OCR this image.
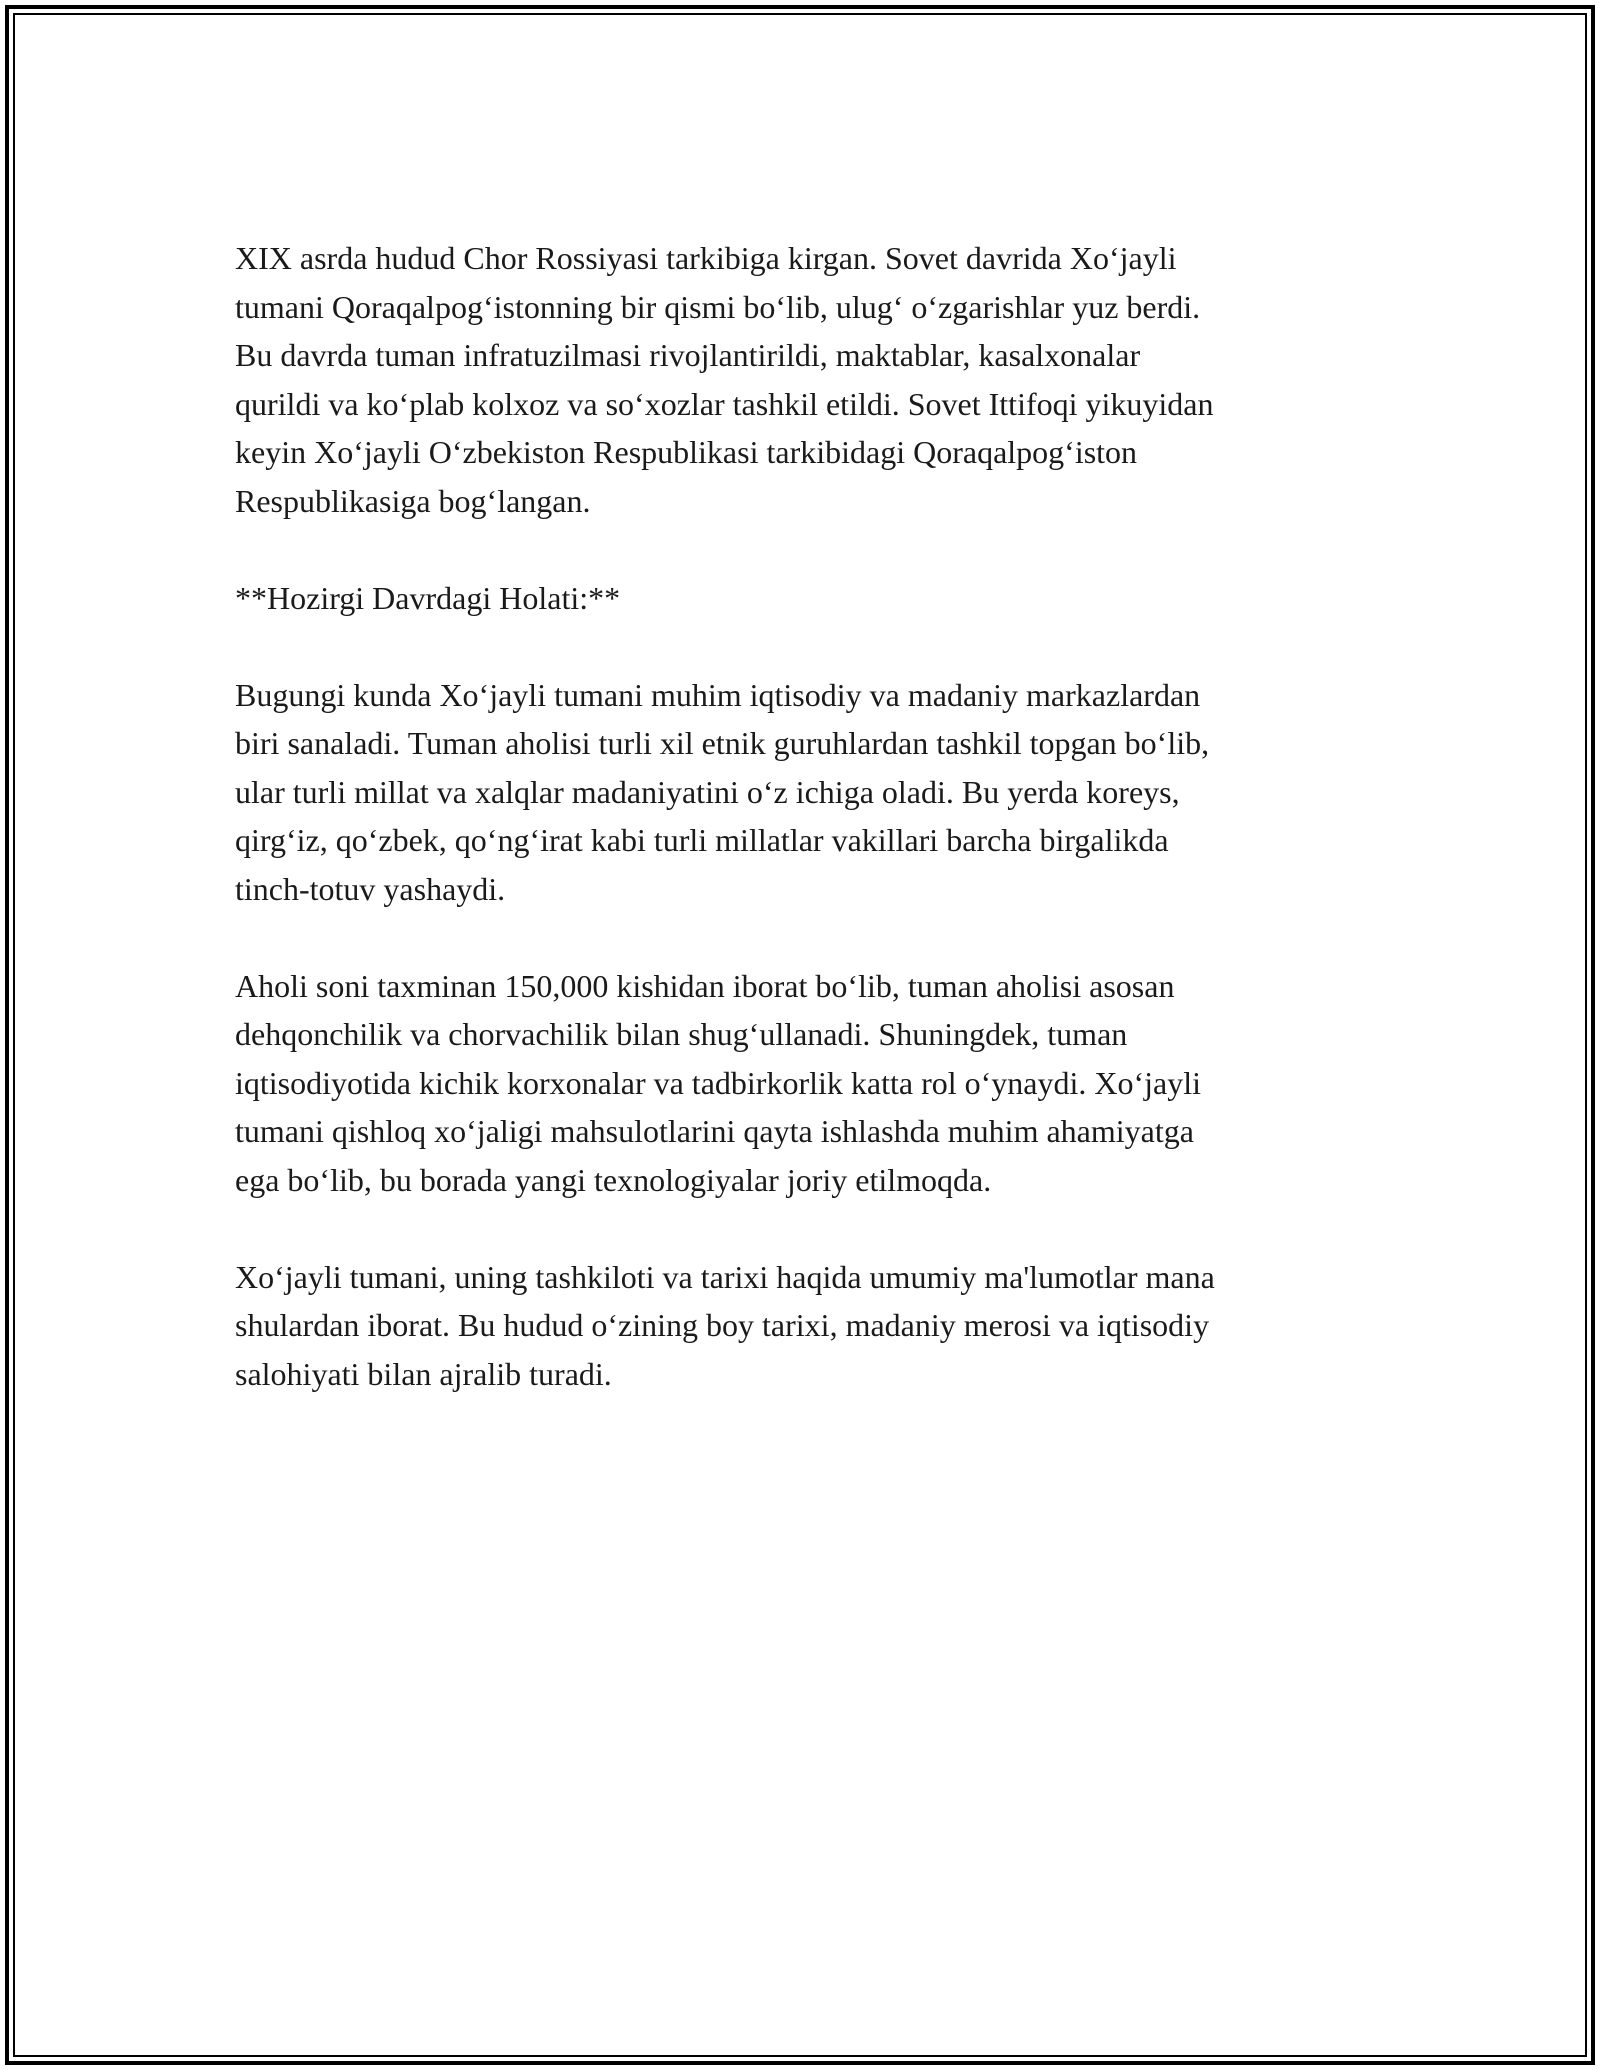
XIX asrda hudud Chor Rossiyasi tarkibiga kirgan. Sovet davrida Xo‘jayli
tumani Qoraqalpog‘istonning bir qismi bo‘lib, ulug‘ o‘zgarishlar yuz berdi.
Bu davrda tuman infratuzilmasi rivojlantirildi, maktablar, kasalxonalar
qurildi va ko‘plab kolxoz va so‘xozlar tashkil etildi. Sovet Ittifoqi yikuyidan
keyin Xo‘jayli O‘zbekiston Respublikasi tarkibidagi Qoraqalpog‘iston
Respublikasiga bog‘langan.

**Hozirgi Davrdagi Holati:**

Bugungi kunda Xo‘jayli tumani muhim iqtisodiy va madaniy markazlardan
biri sanaladi. Tuman aholisi turli xil etnik guruhlardan tashkil topgan bo‘lib,
ular turli millat va xalqlar madaniyatini o‘z ichiga oladi. Bu yerda koreys,
qirg‘iz, qo‘zbek, qo‘ng‘irat kabi turli millatlar vakillari barcha birgalikda
tinch-totuv yashaydi.

Aholi soni taxminan 150,000 kishidan iborat bo‘lib, tuman aholisi asosan
dehqonchilik va chorvachilik bilan shug‘ullanadi. Shuningdek, tuman
iqtisodiyotida kichik korxonalar va tadbirkorlik katta rol o‘ynaydi. Xo‘jayli
tumani qishloq xo‘jaligi mahsulotlarini qayta ishlashda muhim ahamiyatga
ega bo‘lib, bu borada yangi texnologiyalar joriy etilmoqda.

Xo‘jayli tumani, uning tashkiloti va tarixi haqida umumiy ma'lumotlar mana
shulardan iborat. Bu hudud o‘zining boy tarixi, madaniy merosi va iqtisodiy
salohiyati bilan ajralib turadi.
